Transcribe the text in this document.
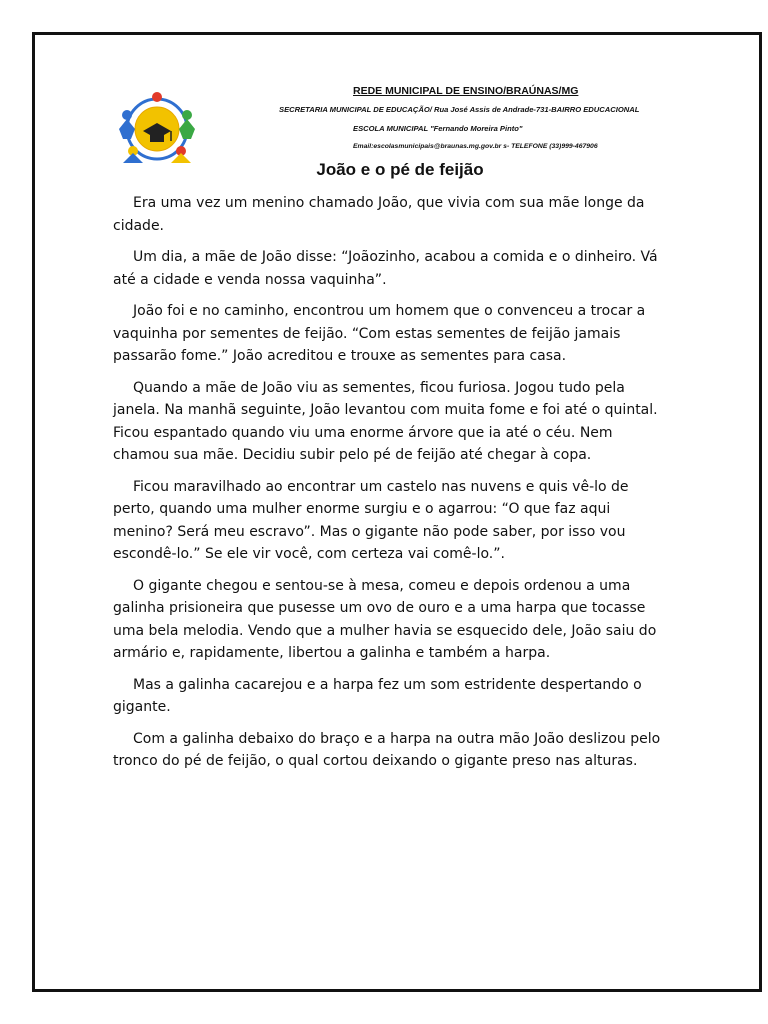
REDE MUNICIPAL DE ENSINO/BRAÚNAS/MG
SECRETARIA MUNICIPAL DE EDUCAÇÃO/ Rua José Assis de Andrade-731-BAIRRO EDUCACIONAL
ESCOLA MUNICIPAL "Fernando Moreira Pinto"
Email:escolasmunicipais@braunas.mg.gov.br s- TELEFONE (33)999-467906
João e o pé de feijão

Era uma vez um menino chamado João, que vivia com sua mãe longe da cidade.

Um dia, a mãe de João disse: “Joãozinho, acabou a comida e o dinheiro. Vá até a cidade e venda nossa vaquinha”.

João foi e no caminho, encontrou um homem que o convenceu a trocar a vaquinha por sementes de feijão. “Com estas sementes de feijão jamais passarão fome.” João acreditou e trouxe as sementes para casa.

Quando a mãe de João viu as sementes, ficou furiosa. Jogou tudo pela janela. Na manhã seguinte, João levantou com muita fome e foi até o quintal. Ficou espantado quando viu uma enorme árvore que ia até o céu. Nem chamou sua mãe. Decidiu subir pelo pé de feijão até chegar à copa.

Ficou maravilhado ao encontrar um castelo nas nuvens e quis vê-lo de perto, quando uma mulher enorme surgiu e o agarrou: “O que faz aqui menino? Será meu escravo”. Mas o gigante não pode saber, por isso vou escondê-lo.” Se ele vir você, com certeza vai comê-lo.”.

O gigante chegou e sentou-se à mesa, comeu e depois ordenou a uma galinha prisioneira que pusesse um ovo de ouro e a uma harpa que tocasse uma bela melodia. Vendo que a mulher havia se esquecido dele, João saiu do armário e, rapidamente, libertou a galinha e também a harpa.

Mas a galinha cacarejou e a harpa fez um som estridente despertando o gigante.

Com a galinha debaixo do braço e a harpa na outra mão João deslizou pelo tronco do pé de feijão, o qual cortou deixando o gigante preso nas alturas.
